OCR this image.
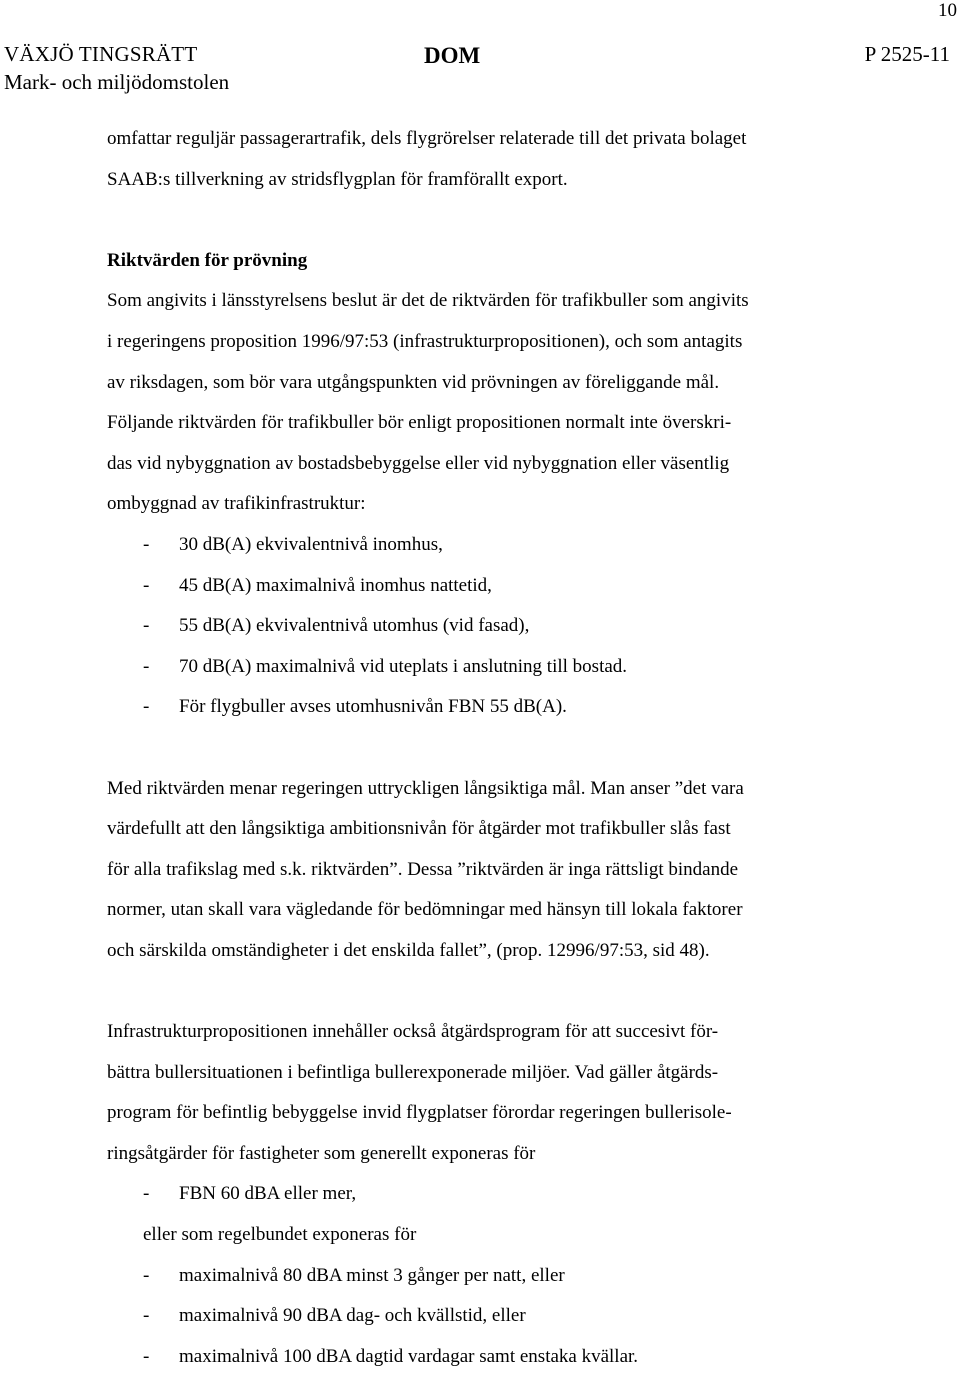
10
VÄXJÖ TINGSRÄTT
Mark- och miljödomstolen
DOM	P 2525-11

omfattar reguljär passagerartrafik, dels flygrörelser relaterade till det privata bolaget

SAAB:s tillverkning av stridsflygplan för framförallt export.

Riktvärden för prövning

Som angivits i länsstyrelsens beslut är det de riktvärden för trafikbuller som angivits

i regeringens proposition 1996/97:53 (infrastrukturpropositionen), och som antagits

av riksdagen, som bör vara utgångspunkten vid prövningen av föreliggande mål.

Följande riktvärden för trafikbuller bör enligt propositionen normalt inte överskri-

das vid nybyggnation av bostadsbebyggelse eller vid nybyggnation eller väsentlig

ombyggnad av trafikinfrastruktur:

-	30 dB(A) ekvivalentnivå inomhus,
-	45 dB(A) maximalnivå inomhus nattetid,
-	55 dB(A) ekvivalentnivå utomhus (vid fasad),
-	70 dB(A) maximalnivå vid uteplats i anslutning till bostad.
-	För flygbuller avses utomhusnivån FBN 55 dB(A).

Med riktvärden menar regeringen uttryckligen långsiktiga mål. Man anser ”det vara

värdefullt att den långsiktiga ambitionsnivån för åtgärder mot trafikbuller slås fast

för alla trafikslag med s.k. riktvärden”. Dessa ”riktvärden är inga rättsligt bindande

normer, utan skall vara vägledande för bedömningar med hänsyn till lokala faktorer

och särskilda omständigheter i det enskilda fallet”, (prop. 12996/97:53, sid 48).

Infrastrukturpropositionen innehåller också åtgärdsprogram för att succesivt för-

bättra bullersituationen i befintliga bullerexponerade miljöer. Vad gäller åtgärds-

program för befintlig bebyggelse invid flygplatser förordar regeringen bullerisole-

ringsåtgärder för fastigheter som generellt exponeras för

-	FBN 60 dBA eller mer,

eller som regelbundet exponeras för

-	maximalnivå 80 dBA minst 3 gånger per natt, eller
-	maximalnivå 90 dBA dag- och kvällstid, eller
-	maximalnivå 100 dBA dagtid vardagar samt enstaka kvällar.
